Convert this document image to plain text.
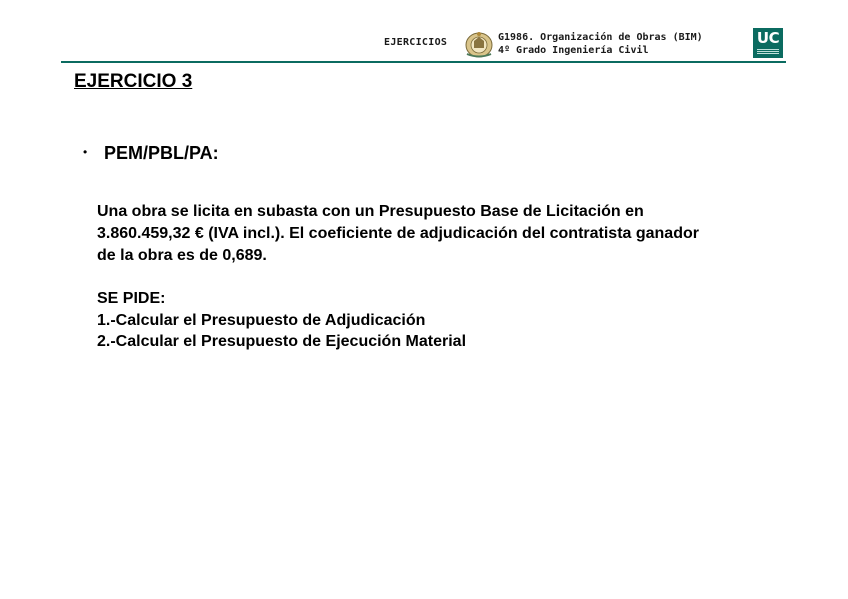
EJERCICIOS	G1986. Organización de Obras (BIM)
4º Grado Ingeniería Civil
UC
EJERCICIO 3
• PEM/PBL/PA:
Una obra se licita en subasta con un Presupuesto Base de Licitación en
3.860.459,32 € (IVA incl.). El coeficiente de adjudicación del contratista ganador
de la obra es de 0,689.
SE PIDE:
1.-Calcular el Presupuesto de Adjudicación
2.-Calcular el Presupuesto de Ejecución Material
